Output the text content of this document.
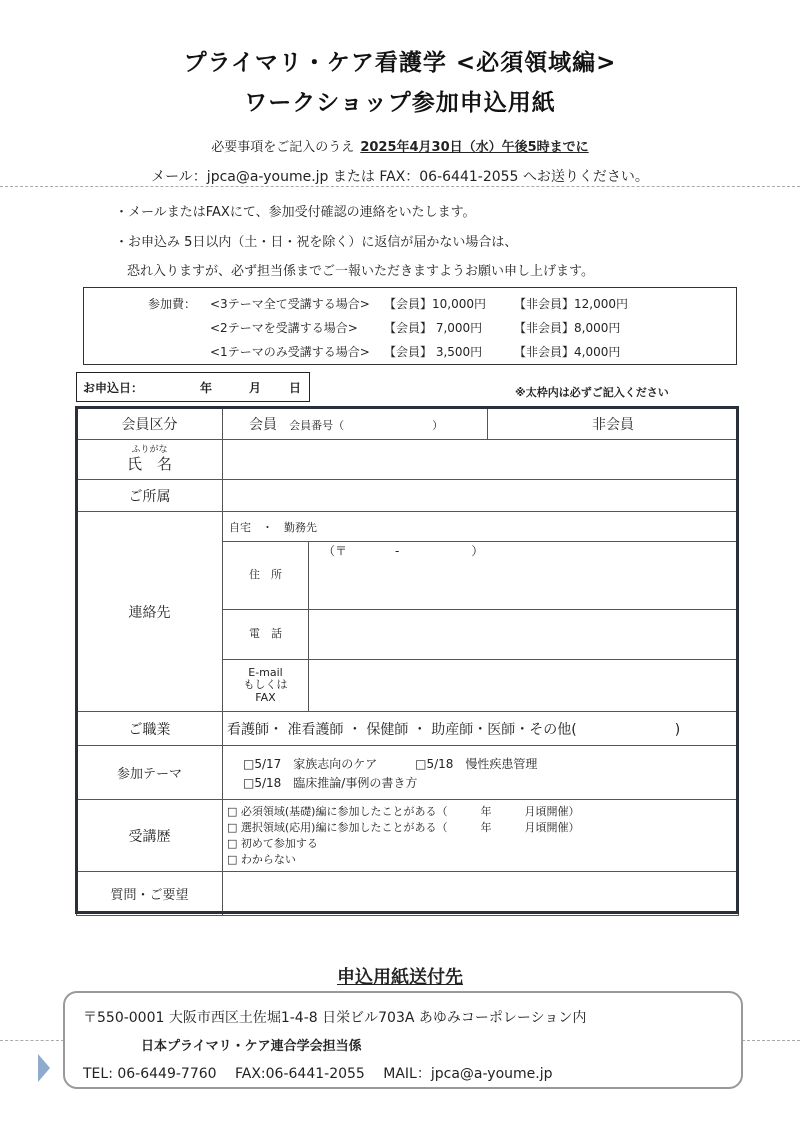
プライマリ・ケア看護学 <必須領域編>
ワークショップ参加申込用紙
必要事項をご記入のうえ 2025年4月30日（水）午後5時までに
メール：jpca@a-youme.jp または FAX：06-6441-2055 へお送りください。
・メールまたはFAXにて、参加受付確認の連絡をいたします。
・お申込み 5日以内（土・日・祝を除く）に返信が届かない場合は、
恐れ入りますが、必ず担当係までご一報いただきますようお願い申し上げます。
参加費： <3テーマ全て受講する場合> 【会員】10,000円 【非会員】12,000円
<2テーマを受講する場合> 【会員】 7,000円	【非会員】8,000円
<1テーマのみ受講する場合> 【会員】 3,500円	【非会員】4,000円
お申込日：	年	月 日	※太枠内は必ずご記入ください
会員区分	会員 会員番号（　　　　　　　　）		非会員

ふりがな
氏　名			

ご所属			
連絡先	自宅　・　勤務先		
	住　所	（〒　　　　-　　　　　　）	
	電　話		

	E-mail
もしくは
FAX		

ご職業	看護師・ 准看護師 ・ 保健師 ・ 助産師・医師・その他(　　　　　　　)		
参加テーマ	□5/17　家族志向のケア □5/18　慢性疾患管理
□5/18　臨床推論/事例の書き方		

受講歴	□ 必須領域(基礎)編に参加したことがある（　　　年　　　月頃開催）
□ 選択領域(応用)編に参加したことがある（　　　年　　　月頃開催）
□ 初めて参加する
□ わからない		

質問・ご要望			
申込用紙送付先
〒550-0001 大阪市西区土佐堀1-4-8 日栄ビル703A あゆみコーポレーション内
日本プライマリ・ケア連合学会担当係
TEL: 06-6449-7760　 FAX:06-6441-2055　 MAIL：jpca@a-youme.jp
